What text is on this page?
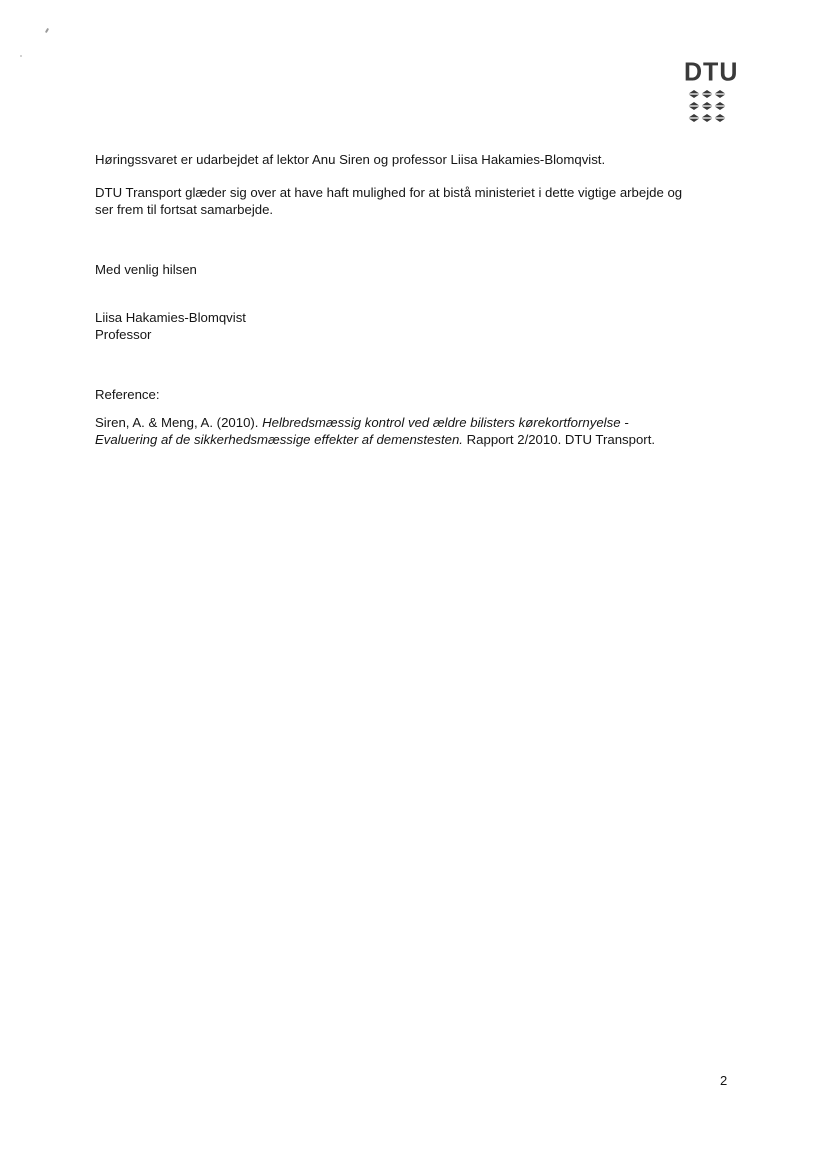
DTU

Høringssvaret er udarbejdet af lektor Anu Siren og professor Liisa Hakamies-Blomqvist.

DTU Transport glæder sig over at have haft mulighed for at bistå ministeriet i dette vigtige arbejde og
ser frem til fortsat samarbejde.

Med venlig hilsen

Liisa Hakamies-Blomqvist
Professor

Reference:

Siren, A. & Meng, A. (2010). Helbredsmæssig kontrol ved ældre bilisters kørekortfornyelse -
Evaluering af de sikkerhedsmæssige effekter af demenstesten. Rapport 2/2010. DTU Transport.

2
